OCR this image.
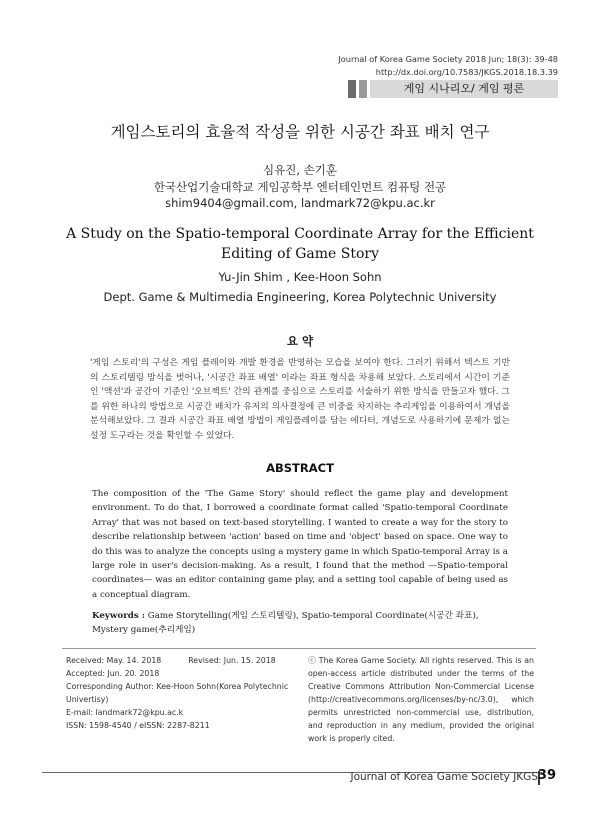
Journal of Korea Game Society 2018 Jun; 18(3): 39-48
http://dx.doi.org/10.7583/JKGS.2018.18.3.39
게임 시나리오/ 게임 평론
게임스토리의 효율적 작성을 위한 시공간 좌표 배치 연구
심유진, 손기훈
한국산업기술대학교 게임공학부 엔터테인먼트 컴퓨팅 전공
shim9404@gmail.com, landmark72@kpu.ac.kr
A Study on the Spatio-temporal Coordinate Array for the Efficient
Editing of Game Story
Yu-Jin Shim , Kee-Hoon Sohn
Dept. Game & Multimedia Engineering, Korea Polytechnic University
요 약
'게임 스토리'의 구성은 게임 플레이와 개발 환경을 반영하는 모습을 보여야 한다. 그러기 위해서 텍스트 기반의 스토리텔링 방식을 벗어나, '시공간 좌표 배열' 이라는 좌표 형식을 차용해 보았다. 스토리에서 시간이 기준인 '액션'과 공간이 기준인 '오브젝트' 간의 관계를 중심으로 스토리를 서술하기 위한 방식을 만들고자 했다. 그를 위한 하나의 방법으로 시공간 배치가 유저의 의사결정에 큰 비중을 차지하는 추리게임을 이용하여서 개념을 분석해보았다. 그 결과 시공간 좌표 배열 방법이 게임플레이를 담는 에디터, 개념도로 사용하기에 문제가 없는 설정 도구라는 것을 확인할 수 있었다.
ABSTRACT
The composition of the 'The Game Story' should reflect the game play and development environment. To do that, I borrowed a coordinate format called 'Spatio-temporal Coordinate Array' that was not based on text-based storytelling. I wanted to create a way for the story to describe relationship between 'action' based on time and 'object' based on space. One way to do this was to analyze the concepts using a mystery game in which Spatio-temporal Array is a large role in user's decision-making. As a result, I found that the method —Spatio-temporal coordinates— was an editor containing game play, and a setting tool capable of being used as a conceptual diagram.
Keywords : Game Storytelling(게임 스토리텔링), Spatio-temporal Coordinate(시공간 좌표), Mystery game(추리게임)
Received: May. 14. 2018	Revised: Jun. 15. 2018
Accepted: Jun. 20. 2018
Corresponding Author: Kee-Hoon Sohn(Korea Polytechnic
Univertisy)
E-mail: landmark72@kpu.ac.k
ISSN: 1598-4540 / eISSN: 2287-8211
ⓒ The Korea Game Society. All rights reserved. This is an open-access article distributed under the terms of the Creative Commons Attribution Non-Commercial License (http://creativecommons.org/licenses/by-nc/3.0), which permits unrestricted non-commercial use, distribution, and reproduction in any medium, provided the original work is properly cited.
Journal of Korea Game Society JKGS 39
